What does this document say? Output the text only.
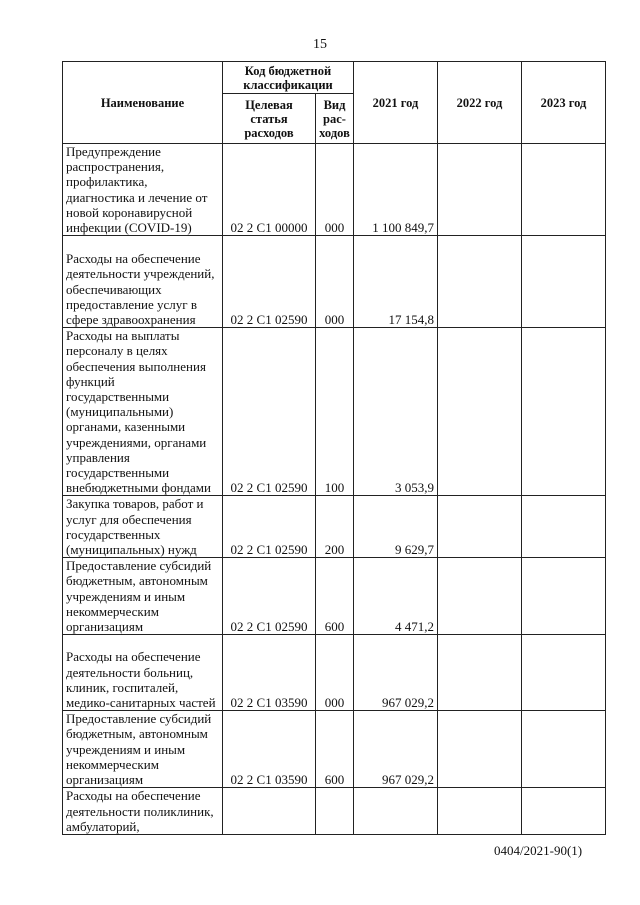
15
Наименование	Код бюджетной классификации		2021 год	2022 год	2023 год
	Целевая статья расходов	Вид рас- ходов			

Предупреждение распространения, профилактика, диагностика и лечение от новой коронавирусной инфекции (COVID-19)	02 2 С1 00000	000	1 100 849,7		

Расходы на обеспечение деятельности учреждений, обеспечивающих предоставление услуг в сфере здравоохранения	02 2 С1 02590	000	17 154,8		

Расходы на выплаты персоналу в целях обеспечения выполнения функций государственными (муниципальными) органами, казенными учреждениями, органами управления государственными внебюджетными фондами	02 2 С1 02590	100	3 053,9		

Закупка товаров, работ и услуг для обеспечения государственных (муниципальных) нужд	02 2 С1 02590	200	9 629,7		

Предоставление субсидий бюджетным, автономным учреждениям и иным некоммерческим организациям	02 2 С1 02590	600	4 471,2		

Расходы на обеспечение деятельности больниц, клиник, госпиталей, медико-санитарных частей	02 2 С1 03590	000	967 029,2		

Предоставление субсидий бюджетным, автономным учреждениям и иным некоммерческим организациям	02 2 С1 03590	600	967 029,2		

Расходы на обеспечение деятельности поликлиник, амбулаторий,					

0404/2021-90(1)
